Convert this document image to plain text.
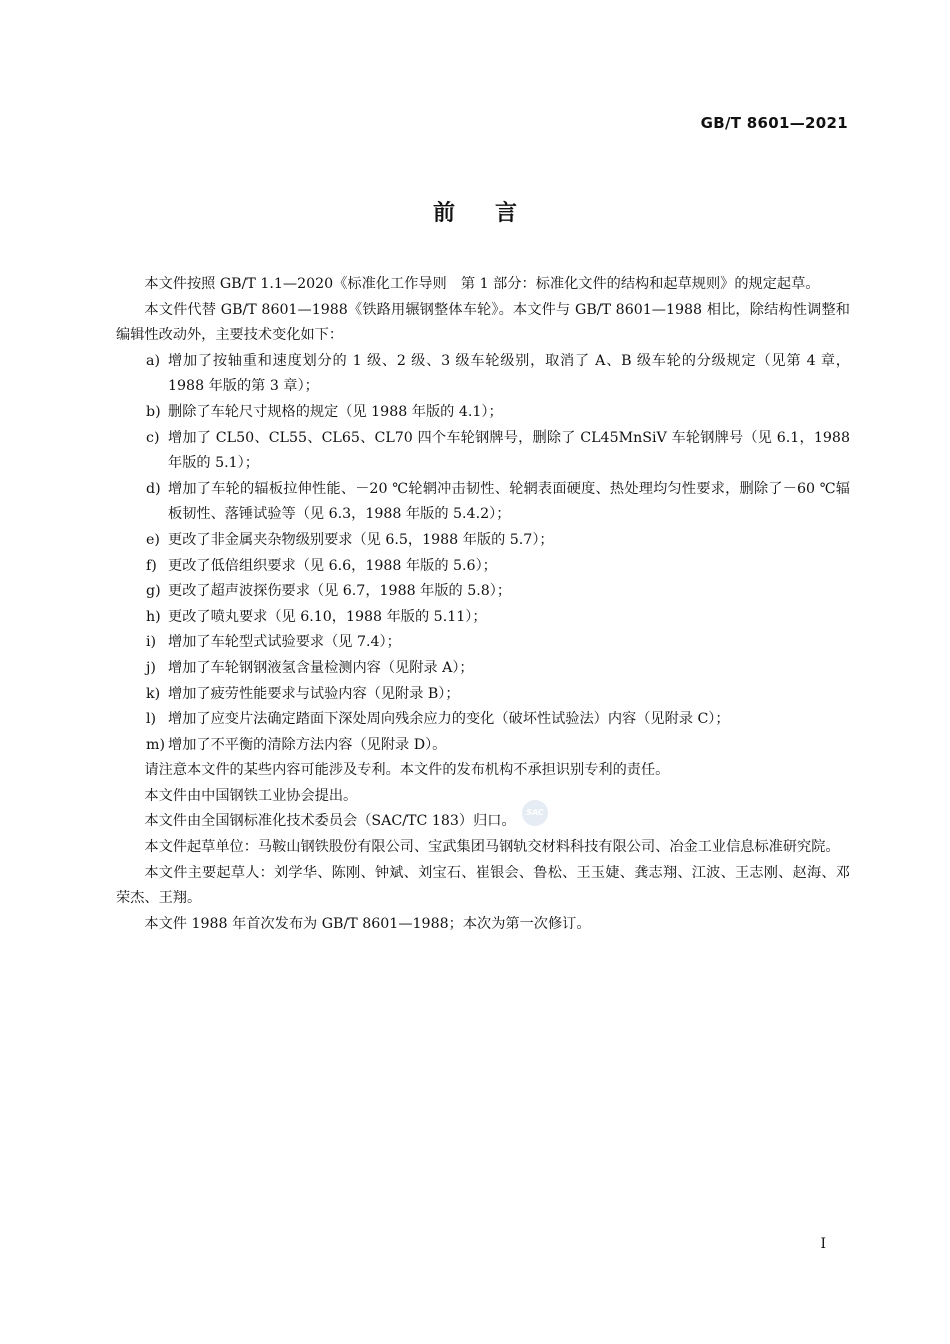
GB/T 8601—2021
前言

本文件按照 GB/T 1.1—2020《标准化工作导则　第 1 部分：标准化文件的结构和起草规则》的规定起草。

本文件代替 GB/T 8601—1988《铁路用辗钢整体车轮》。本文件与 GB/T 8601—1988 相比，除结构性调整和编辑性改动外，主要技术变化如下：

a) 增加了按轴重和速度划分的 1 级、2 级、3 级车轮级别，取消了 A、B 级车轮的分级规定（见第 4 章，1988 年版的第 3 章）；
b) 删除了车轮尺寸规格的规定（见 1988 年版的 4.1）；
c) 增加了 CL50、CL55、CL65、CL70 四个车轮钢牌号，删除了 CL45MnSiV 车轮钢牌号（见 6.1，1988 年版的 5.1）；
d) 增加了车轮的辐板拉伸性能、－20 ℃轮辋冲击韧性、轮辋表面硬度、热处理均匀性要求，删除了－60 ℃辐板韧性、落锤试验等（见 6.3，1988 年版的 5.4.2）；
e) 更改了非金属夹杂物级别要求（见 6.5，1988 年版的 5.7）；
f) 更改了低倍组织要求（见 6.6，1988 年版的 5.6）；
g) 更改了超声波探伤要求（见 6.7，1988 年版的 5.8）；
h) 更改了喷丸要求（见 6.10，1988 年版的 5.11）；
i) 增加了车轮型式试验要求（见 7.4）；
j) 增加了车轮钢钢液氢含量检测内容（见附录 A）；
k) 增加了疲劳性能要求与试验内容（见附录 B）；
l) 增加了应变片法确定踏面下深处周向残余应力的变化（破坏性试验法）内容（见附录 C）；
m) 增加了不平衡的清除方法内容（见附录 D）。

请注意本文件的某些内容可能涉及专利。本文件的发布机构不承担识别专利的责任。

本文件由中国钢铁工业协会提出。

本文件由全国钢标准化技术委员会（SAC/TC 183）归口。

本文件起草单位：马鞍山钢铁股份有限公司、宝武集团马钢轨交材料科技有限公司、冶金工业信息标准研究院。

本文件主要起草人：刘学华、陈刚、钟斌、刘宝石、崔银会、鲁松、王玉婕、龚志翔、江波、王志刚、赵海、邓荣杰、王翔。

本文件 1988 年首次发布为 GB/T 8601—1988；本次为第一次修订。

SAC
I
